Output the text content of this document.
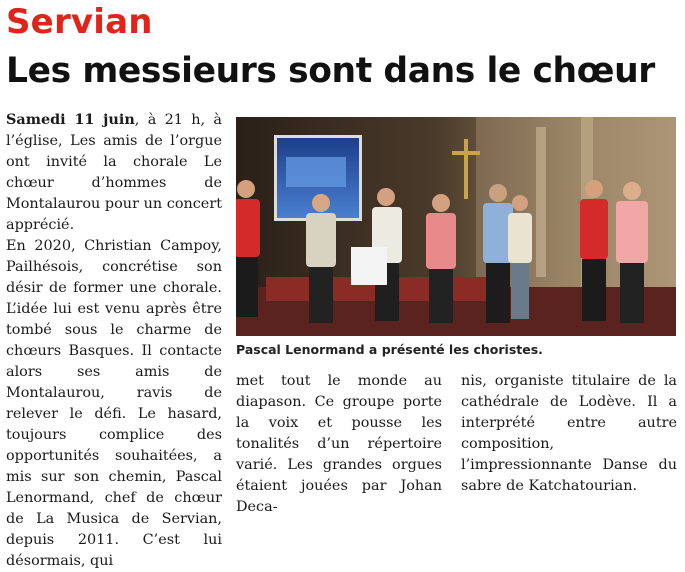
Servian
Les messieurs sont dans le chœur

Samedi 11 juin, à 21 h, à l’église, Les amis de l’orgue ont invité la chorale Le chœur d’hommes de Montalaurou pour un concert apprécié.

En 2020, Christian Campoy, Pailhésois, concrétise son désir de former une chorale. L’idée lui est venu après être tombé sous le charme de chœurs Basques. Il contacte alors ses amis de Montalaurou, ravis de relever le défi. Le hasard, toujours complice des opportunités souhaitées, a mis sur son chemin, Pascal Lenormand, chef de chœur de La Musica de Servian, depuis 2011. C’est lui désormais, qui

Pascal Lenormand a présenté les choristes.

met tout le monde au diapason. Ce groupe porte la voix et pousse les tonalités d’un répertoire varié. Les grandes orgues étaient jouées par Johan Deca-

nis, organiste titulaire de la cathédrale de Lodève. Il a interprété entre autre composition, l’impressionnante Danse du sabre de Katchatourian.
